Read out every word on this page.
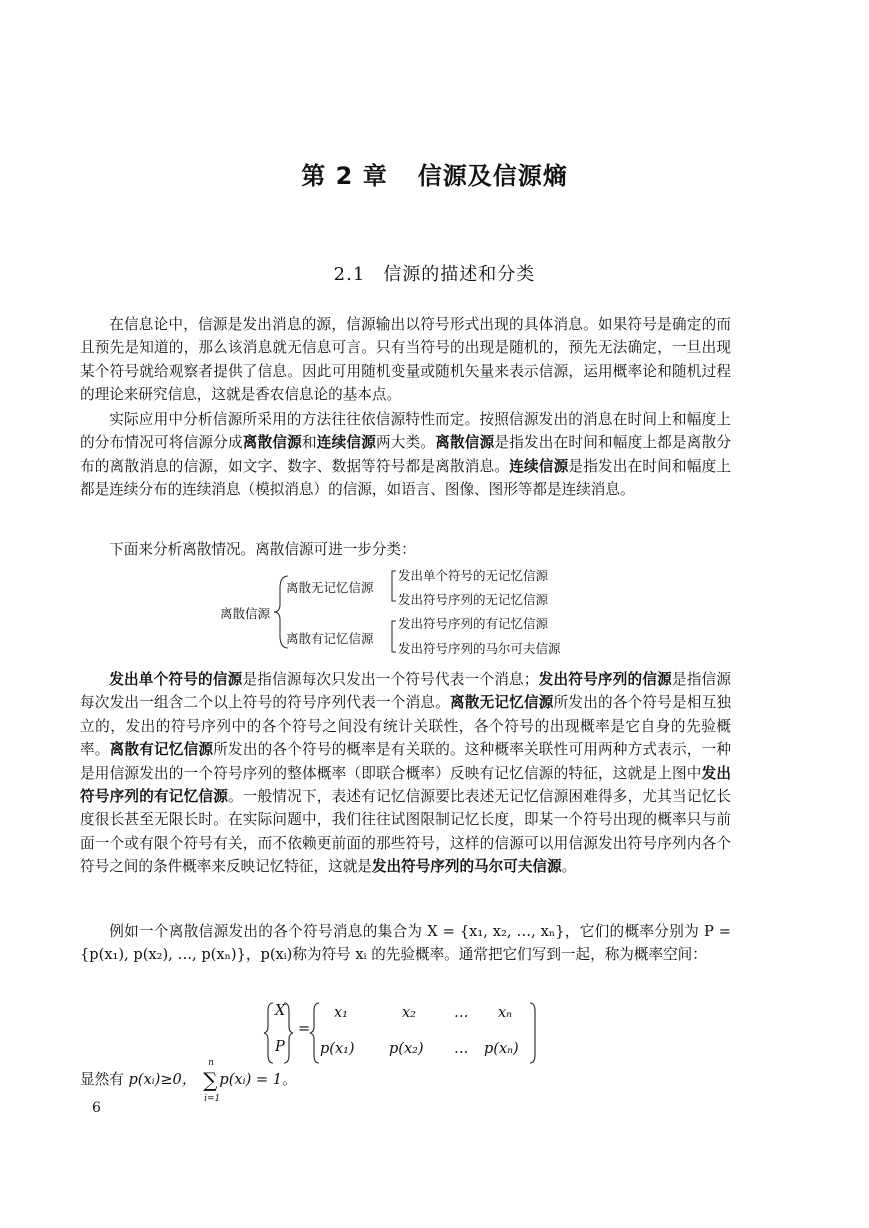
第 2 章 信源及信源熵
2.1 信源的描述和分类

在信息论中，信源是发出消息的源，信源输出以符号形式出现的具体消息。如果符号是确定的而且预先是知道的，那么该消息就无信息可言。只有当符号的出现是随机的，预先无法确定，一旦出现某个符号就给观察者提供了信息。因此可用随机变量或随机矢量来表示信源，运用概率论和随机过程的理论来研究信息，这就是香农信息论的基本点。

实际应用中分析信源所采用的方法往往依信源特性而定。按照信源发出的消息在时间上和幅度上的分布情况可将信源分成离散信源和连续信源两大类。离散信源是指发出在时间和幅度上都是离散分布的离散消息的信源，如文字、数字、数据等符号都是离散消息。连续信源是指发出在时间和幅度上都是连续分布的连续消息（模拟消息）的信源，如语言、图像、图形等都是连续消息。

下面来分析离散情况。离散信源可进一步分类：

离散信源
离散无记忆信源
离散有记忆信源
发出单个符号的无记忆信源
发出符号序列的无记忆信源
发出符号序列的有记忆信源
发出符号序列的马尔可夫信源

发出单个符号的信源是指信源每次只发出一个符号代表一个消息；发出符号序列的信源是指信源每次发出一组含二个以上符号的符号序列代表一个消息。离散无记忆信源所发出的各个符号是相互独立的，发出的符号序列中的各个符号之间没有统计关联性，各个符号的出现概率是它自身的先验概率。离散有记忆信源所发出的各个符号的概率是有关联的。这种概率关联性可用两种方式表示，一种是用信源发出的一个符号序列的整体概率（即联合概率）反映有记忆信源的特征，这就是上图中发出符号序列的有记忆信源。一般情况下，表述有记忆信源要比表述无记忆信源困难得多，尤其当记忆长度很长甚至无限长时。在实际问题中，我们往往试图限制记忆长度，即某一个符号出现的概率只与前面一个或有限个符号有关，而不依赖更前面的那些符号，这样的信源可以用信源发出符号序列内各个符号之间的条件概率来反映记忆特征，这就是发出符号序列的马尔可夫信源。

例如一个离散信源发出的各个符号消息的集合为 X = {x₁, x₂, …, xₙ}，它们的概率分别为 P = {p(x₁), p(x₂), …, p(xₙ)}，p(xᵢ)称为符号 xᵢ 的先验概率。通常把它们写到一起，称为概率空间：

X
P
=
x₁	x₂	… xₙ
p(x₁) p(x₂) … p(xₙ)
显然有 p(xᵢ)≥0， ∑
n
i=1
p(xᵢ) = 1。
6
